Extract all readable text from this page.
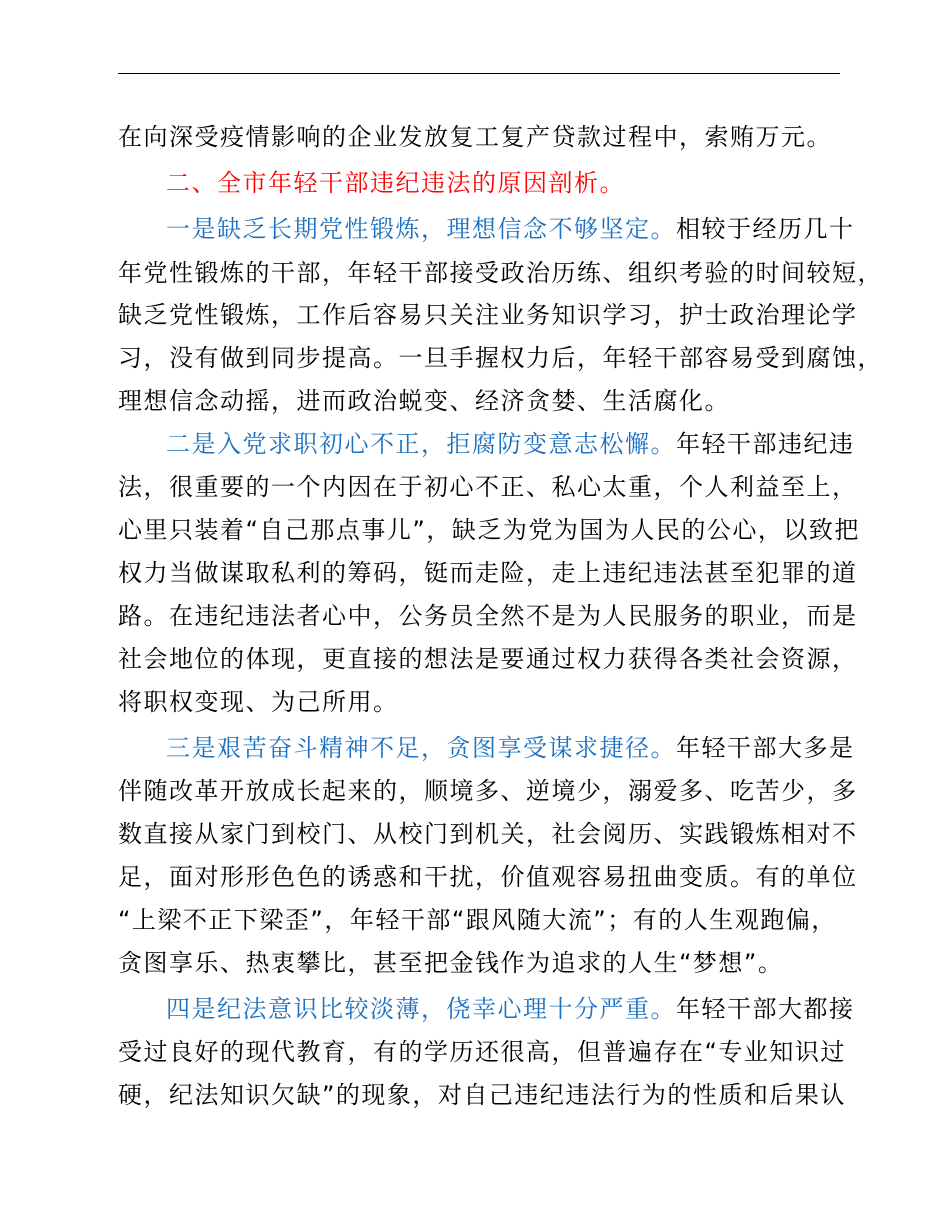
在向深受疫情影响的企业发放复工复产贷款过程中，索贿万元。
二、全市年轻干部违纪违法的原因剖析。
一是缺乏长期党性锻炼，理想信念不够坚定。相较于经历几十
年党性锻炼的干部，年轻干部接受政治历练、组织考验的时间较短，
缺乏党性锻炼，工作后容易只关注业务知识学习，护士政治理论学
习，没有做到同步提高。一旦手握权力后，年轻干部容易受到腐蚀，
理想信念动摇，进而政治蜕变、经济贪婪、生活腐化。
二是入党求职初心不正，拒腐防变意志松懈。年轻干部违纪违
法，很重要的一个内因在于初心不正、私心太重，个人利益至上，
心里只装着“自己那点事儿”，缺乏为党为国为人民的公心，以致把
权力当做谋取私利的筹码，铤而走险，走上违纪违法甚至犯罪的道
路。在违纪违法者心中，公务员全然不是为人民服务的职业，而是
社会地位的体现，更直接的想法是要通过权力获得各类社会资源，
将职权变现、为己所用。
三是艰苦奋斗精神不足，贪图享受谋求捷径。年轻干部大多是
伴随改革开放成长起来的，顺境多、逆境少，溺爱多、吃苦少，多
数直接从家门到校门、从校门到机关，社会阅历、实践锻炼相对不
足，面对形形色色的诱惑和干扰，价值观容易扭曲变质。有的单位
“上梁不正下梁歪”，年轻干部“跟风随大流”；有的人生观跑偏，
贪图享乐、热衷攀比，甚至把金钱作为追求的人生“梦想”。
四是纪法意识比较淡薄，侥幸心理十分严重。年轻干部大都接
受过良好的现代教育，有的学历还很高，但普遍存在“专业知识过
硬，纪法知识欠缺”的现象，对自己违纪违法行为的性质和后果认
